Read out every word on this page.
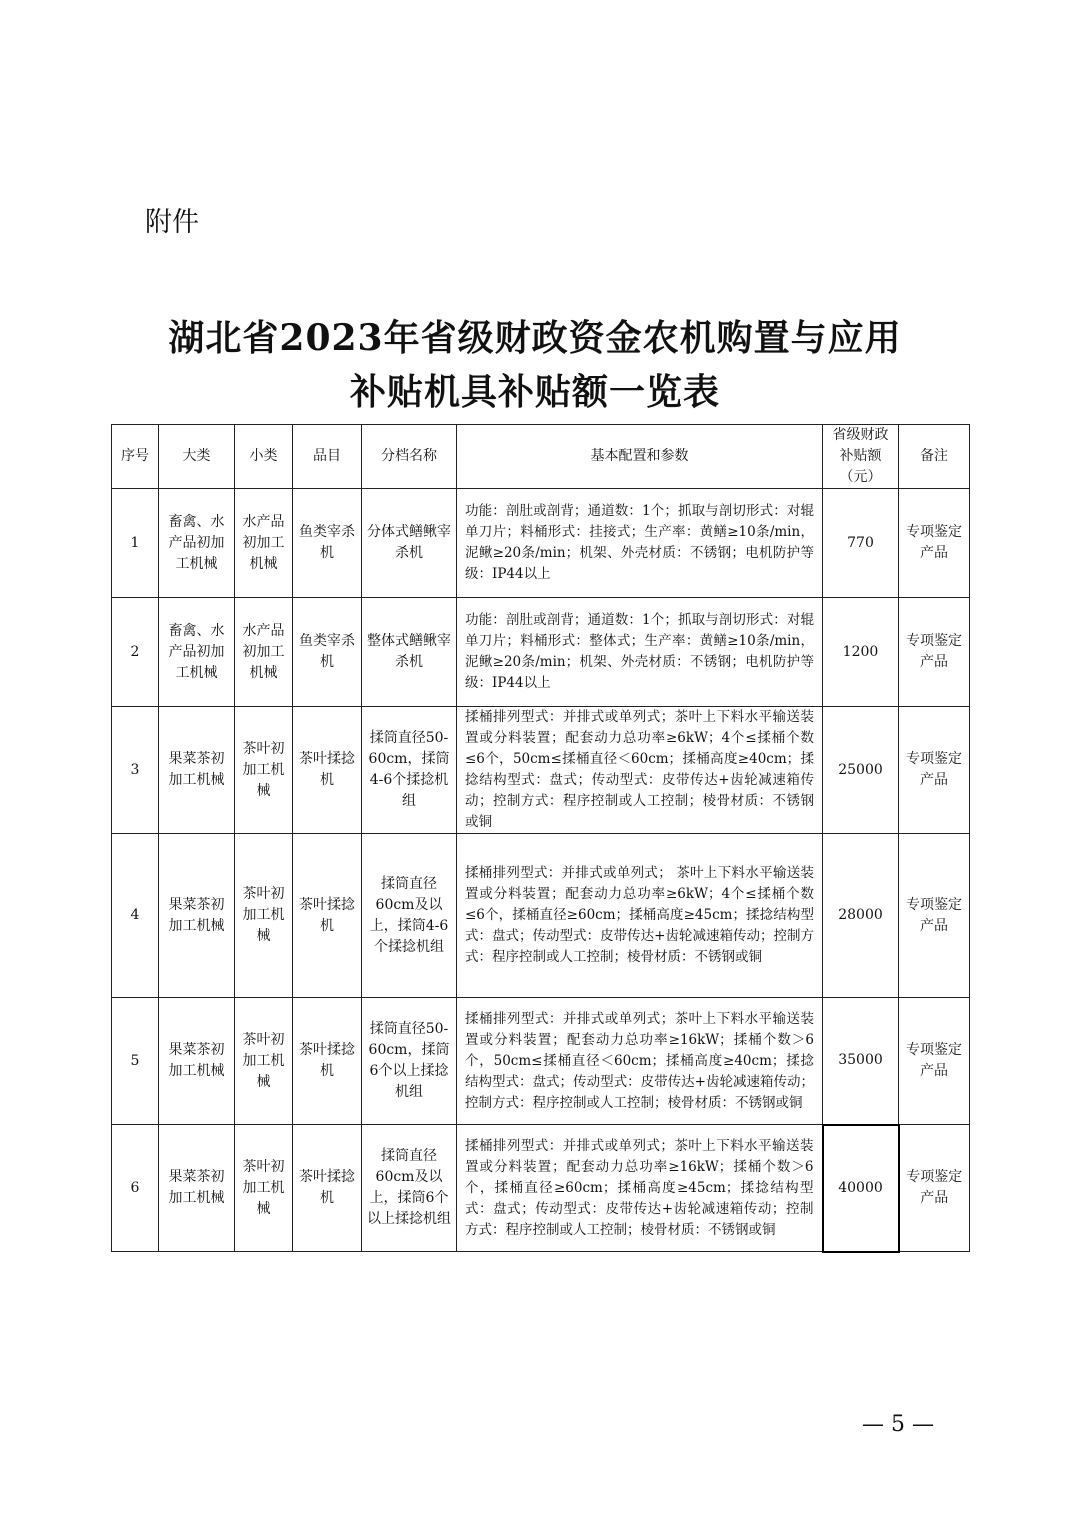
附件
湖北省2023年省级财政资金农机购置与应用
补贴机具补贴额一览表
序号	大类	小类	品目	分档名称	基本配置和参数	省级财政补贴额（元）	备注
1	畜禽、水产品初加工机械	水产品初加工机械	鱼类宰杀机	分体式鳝鳅宰杀机	功能：剖肚或剖背；通道数：1个；抓取与剖切形式：对辊单刀片；料桶形式：挂接式；生产率：黄鳝≥10条/min，泥鳅≥20条/min；机架、外壳材质：不锈钢；电机防护等级：IP44以上	770	专项鉴定产品
2	畜禽、水产品初加工机械	水产品初加工机械	鱼类宰杀机	整体式鳝鳅宰杀机	功能：剖肚或剖背；通道数：1个；抓取与剖切形式：对辊单刀片；料桶形式：整体式；生产率：黄鳝≥10条/min，泥鳅≥20条/min；机架、外壳材质：不锈钢；电机防护等级：IP44以上	1200	专项鉴定产品
3	果菜茶初加工机械	茶叶初加工机械	茶叶揉捻机	揉筒直径50-60cm，揉筒4-6个揉捻机组	揉桶排列型式：并排式或单列式；茶叶上下料水平输送装置或分料装置；配套动力总功率≥6kW；4个≤揉桶个数≤6个，50cm≤揉桶直径＜60cm；揉桶高度≥40cm；揉捻结构型式：盘式；传动型式：皮带传达+齿轮减速箱传动；控制方式：程序控制或人工控制；棱骨材质：不锈钢或铜	25000	专项鉴定产品
4	果菜茶初加工机械	茶叶初加工机械	茶叶揉捻机	揉筒直径60cm及以上，揉筒4-6个揉捻机组	揉桶排列型式：并排式或单列式； 茶叶上下料水平输送装置或分料装置；配套动力总功率≥6kW；4个≤揉桶个数≤6个，揉桶直径≥60cm；揉桶高度≥45cm；揉捻结构型式：盘式；传动型式：皮带传达+齿轮减速箱传动；控制方式：程序控制或人工控制；棱骨材质：不锈钢或铜	28000	专项鉴定产品
5	果菜茶初加工机械	茶叶初加工机械	茶叶揉捻机	揉筒直径50-60cm，揉筒6个以上揉捻机组	揉桶排列型式：并排式或单列式；茶叶上下料水平输送装置或分料装置；配套动力总功率≥16kW；揉桶个数＞6个，50cm≤揉桶直径＜60cm；揉桶高度≥40cm；揉捻结构型式：盘式；传动型式：皮带传达+齿轮减速箱传动；控制方式：程序控制或人工控制；棱骨材质：不锈钢或铜	35000	专项鉴定产品
6	果菜茶初加工机械	茶叶初加工机械	茶叶揉捻机	揉筒直径60cm及以上，揉筒6个以上揉捻机组	揉桶排列型式：并排式或单列式；茶叶上下料水平输送装置或分料装置；配套动力总功率≥16kW；揉桶个数＞6个，揉桶直径≥60cm；揉桶高度≥45cm；揉捻结构型式：盘式；传动型式：皮带传达+齿轮减速箱传动；控制方式：程序控制或人工控制；棱骨材质：不锈钢或铜	40000	专项鉴定产品
— 5 —
